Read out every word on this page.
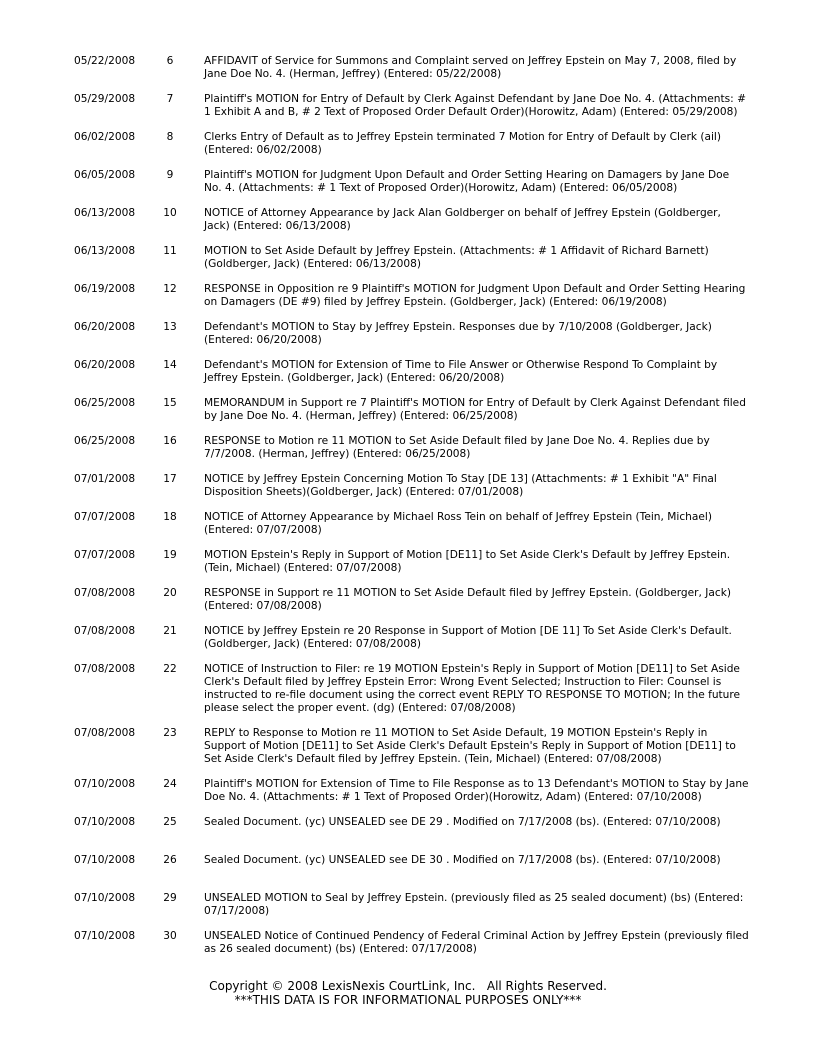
05/22/2008	6	AFFIDAVIT of Service for Summons and Complaint served on Jeffrey Epstein on May 7, 2008, filed by Jane Doe No. 4. (Herman, Jeffrey) (Entered: 05/22/2008)
05/29/2008	7	Plaintiff's MOTION for Entry of Default by Clerk Against Defendant by Jane Doe No. 4. (Attachments: # 1 Exhibit A and B, # 2 Text of Proposed Order Default Order)(Horowitz, Adam) (Entered: 05/29/2008)
06/02/2008	8	Clerks Entry of Default as to Jeffrey Epstein terminated 7 Motion for Entry of Default by Clerk (ail) (Entered: 06/02/2008)
06/05/2008	9	Plaintiff's MOTION for Judgment Upon Default and Order Setting Hearing on Damagers by Jane Doe No. 4. (Attachments: # 1 Text of Proposed Order)(Horowitz, Adam) (Entered: 06/05/2008)
06/13/2008	10	NOTICE of Attorney Appearance by Jack Alan Goldberger on behalf of Jeffrey Epstein (Goldberger, Jack) (Entered: 06/13/2008)
06/13/2008	11	MOTION to Set Aside Default by Jeffrey Epstein. (Attachments: # 1 Affidavit of Richard Barnett)(Goldberger, Jack) (Entered: 06/13/2008)
06/19/2008	12	RESPONSE in Opposition re 9 Plaintiff's MOTION for Judgment Upon Default and Order Setting Hearing on Damagers (DE #9) filed by Jeffrey Epstein. (Goldberger, Jack) (Entered: 06/19/2008)
06/20/2008	13	Defendant's MOTION to Stay by Jeffrey Epstein. Responses due by 7/10/2008 (Goldberger, Jack) (Entered: 06/20/2008)
06/20/2008	14	Defendant's MOTION for Extension of Time to File Answer or Otherwise Respond To Complaint by Jeffrey Epstein. (Goldberger, Jack) (Entered: 06/20/2008)
06/25/2008	15	MEMORANDUM in Support re 7 Plaintiff's MOTION for Entry of Default by Clerk Against Defendant filed by Jane Doe No. 4. (Herman, Jeffrey) (Entered: 06/25/2008)
06/25/2008	16	RESPONSE to Motion re 11 MOTION to Set Aside Default filed by Jane Doe No. 4. Replies due by 7/7/2008. (Herman, Jeffrey) (Entered: 06/25/2008)
07/01/2008	17	NOTICE by Jeffrey Epstein Concerning Motion To Stay [DE 13] (Attachments: # 1 Exhibit "A" Final Disposition Sheets)(Goldberger, Jack) (Entered: 07/01/2008)
07/07/2008	18	NOTICE of Attorney Appearance by Michael Ross Tein on behalf of Jeffrey Epstein (Tein, Michael) (Entered: 07/07/2008)
07/07/2008	19	MOTION Epstein's Reply in Support of Motion [DE11] to Set Aside Clerk's Default by Jeffrey Epstein. (Tein, Michael) (Entered: 07/07/2008)
07/08/2008	20	RESPONSE in Support re 11 MOTION to Set Aside Default filed by Jeffrey Epstein. (Goldberger, Jack) (Entered: 07/08/2008)
07/08/2008	21	NOTICE by Jeffrey Epstein re 20 Response in Support of Motion [DE 11] To Set Aside Clerk's Default. (Goldberger, Jack) (Entered: 07/08/2008)
07/08/2008	22	NOTICE of Instruction to Filer: re 19 MOTION Epstein's Reply in Support of Motion [DE11] to Set Aside Clerk's Default filed by Jeffrey Epstein Error: Wrong Event Selected; Instruction to Filer: Counsel is instructed to re-file document using the correct event REPLY TO RESPONSE TO MOTION; In the future please select the proper event. (dg) (Entered: 07/08/2008)
07/08/2008	23	REPLY to Response to Motion re 11 MOTION to Set Aside Default, 19 MOTION Epstein's Reply in Support of Motion [DE11] to Set Aside Clerk's Default Epstein's Reply in Support of Motion [DE11] to Set Aside Clerk's Default filed by Jeffrey Epstein. (Tein, Michael) (Entered: 07/08/2008)
07/10/2008	24	Plaintiff's MOTION for Extension of Time to File Response as to 13 Defendant's MOTION to Stay by Jane Doe No. 4. (Attachments: # 1 Text of Proposed Order)(Horowitz, Adam) (Entered: 07/10/2008)
07/10/2008	25	Sealed Document. (yc) UNSEALED see DE 29 . Modified on 7/17/2008 (bs). (Entered: 07/10/2008)
07/10/2008	26	Sealed Document. (yc) UNSEALED see DE 30 . Modified on 7/17/2008 (bs). (Entered: 07/10/2008)
07/10/2008	29	UNSEALED MOTION to Seal by Jeffrey Epstein. (previously filed as 25 sealed document) (bs) (Entered: 07/17/2008)
07/10/2008	30	UNSEALED Notice of Continued Pendency of Federal Criminal Action by Jeffrey Epstein (previously filed as 26 sealed document) (bs) (Entered: 07/17/2008)
Copyright © 2008 LexisNexis CourtLink, Inc.   All Rights Reserved.
***THIS DATA IS FOR INFORMATIONAL PURPOSES ONLY***
